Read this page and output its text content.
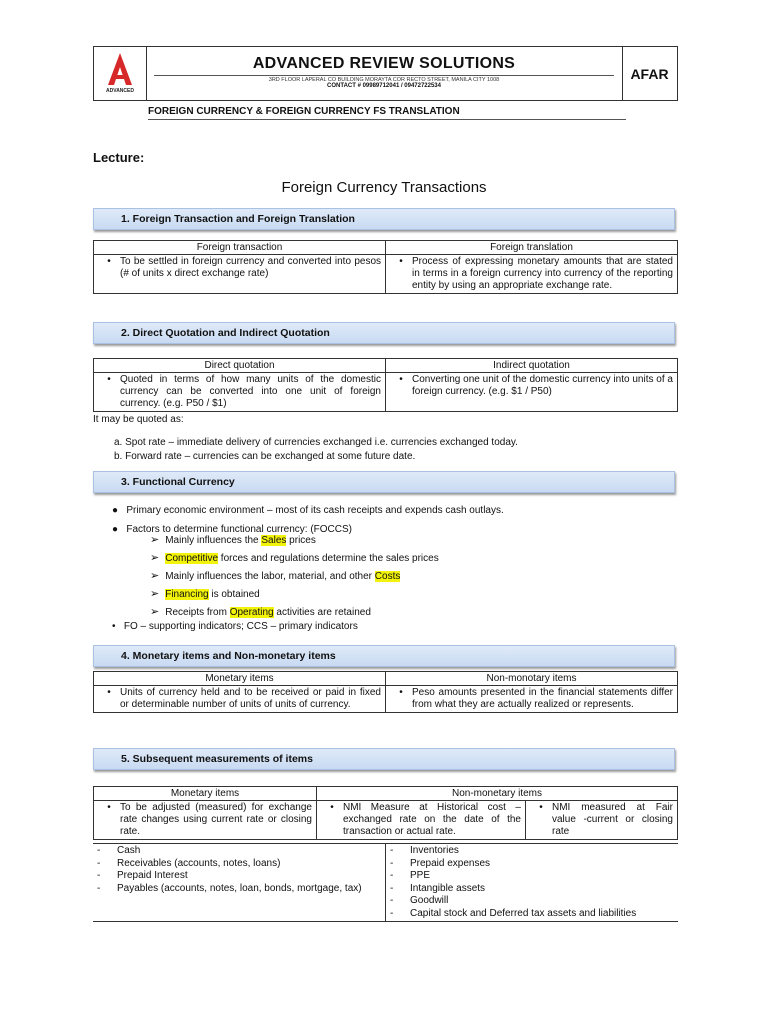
ADVANCED
ADVANCED REVIEW SOLUTIONS
3RD FLOOR LAPERAL CO BUILDING MORAYTA COR RECTO STREET, MANILA CITY 1008
CONTACT # 09989712041 / 09472722534
AFAR
FOREIGN CURRENCY & FOREIGN CURRENCY FS TRANSLATION
Lecture:
Foreign Currency Transactions
1. Foreign Transaction and Foreign Translation
Foreign transaction	Foreign translation

• To be settled in foreign currency and converted into pesos (# of units x direct exchange rate)	• Process of expressing monetary amounts that are stated in terms in a foreign currency into currency of the reporting entity by using an appropriate exchange rate.
2. Direct Quotation and Indirect Quotation
Direct quotation	Indirect quotation

• Quoted in terms of how many units of the domestic currency can be converted into one unit of foreign currency. (e.g. P50 / $1)	• Converting one unit of the domestic currency into units of a foreign currency. (e.g. $1 / P50)
It may be quoted as:
a. Spot rate – immediate delivery of currencies exchanged i.e. currencies exchanged today.
b. Forward rate – currencies can be exchanged at some future date.
3. Functional Currency
●   Primary economic environment – most of its cash receipts and expends cash outlays.
●   Factors to determine functional currency: (FOCCS)
➢ Mainly influences the Sales prices
➢ Competitive forces and regulations determine the sales prices
➢ Mainly influences the labor, material, and other Costs
➢ Financing is obtained
➢ Receipts from Operating activities are retained
•   FO – supporting indicators; CCS – primary indicators
4. Monetary items and Non-monetary items
Monetary items	Non-monotary items

• Units of currency held and to be received or paid in fixed or determinable number of units of units of currency.	• Peso amounts presented in the financial statements differ from what they are actually realized or represents.
5. Subsequent measurements of items
Monetary items	Non-monetary items	

• To be adjusted (measured) for exchange rate changes using current rate or closing rate.	• NMI Measure at Historical cost – exchanged rate on the date of the transaction or actual rate.	• NMI measured at Fair value -current or closing rate
-	Cash
-	Receivables (accounts, notes, loans)
-	Prepaid Interest
-	Payables (accounts, notes, loan, bonds, mortgage, tax)

-	Inventories
-	Prepaid expenses
-	PPE
-	Intangible assets
-	Goodwill
-	Capital stock and Deferred tax assets and liabilities
